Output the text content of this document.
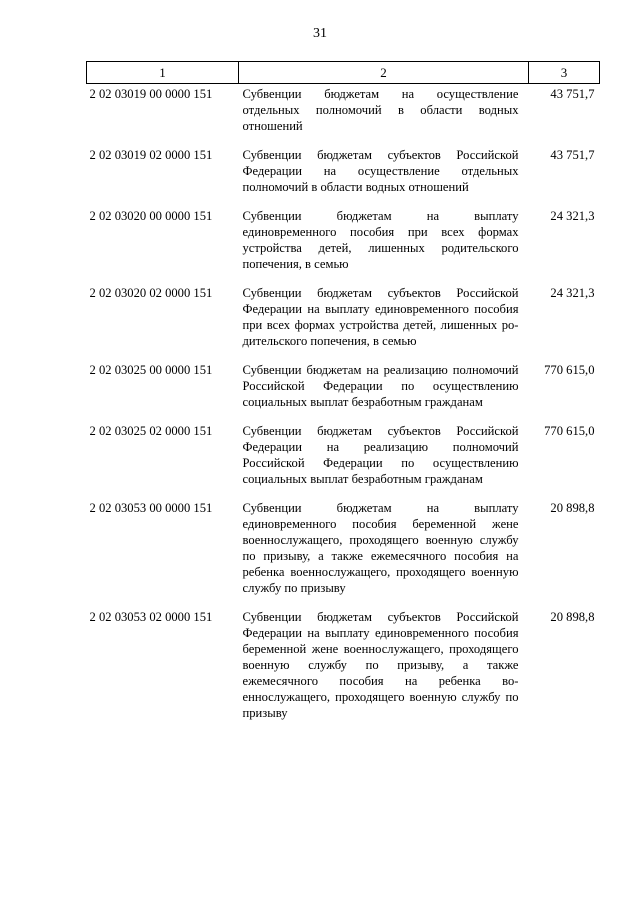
31
1	2	3
2 02 03019 00 0000 151	Субвенции бюджетам на осуществление отдельных полномочий в области водных отношений	43 751,7
2 02 03019 02 0000 151	Субвенции бюджетам субъектов Российской Федерации на осуществление отдельных полномочий в области водных отношений	43 751,7
2 02 03020 00 0000 151	Субвенции бюджетам на выплату единовременного пособия при всех формах устройства детей, лишенных родительского попечения, в семью	24 321,3
2 02 03020 02 0000 151	Субвенции бюджетам субъектов Российской Федерации на выплату единовременного пособия при всех формах устройства детей, лишенных родительского попечения, в семью	24 321,3
2 02 03025 00 0000 151	Субвенции бюджетам на реализацию полномочий Российской Федерации по осуществлению социальных выплат безработным гражданам	770 615,0
2 02 03025 02 0000 151	Субвенции бюджетам субъектов Российской Федерации на реализацию полномочий Российской Федерации по осуществлению социальных выплат безработным гражданам	770 615,0
2 02 03053 00 0000 151	Субвенции бюджетам на выплату единовременного пособия беременной жене военнослужащего, проходящего военную службу по призыву, а также ежемесячного пособия на ребенка военнослужащего, проходящего военную службу по призыву	20 898,8
2 02 03053 02 0000 151	Субвенции бюджетам субъектов Российской Федерации на выплату единовременного пособия беременной жене военнослужащего, проходящего военную службу по призыву, а также ежемесячного пособия на ребенка военнослужащего, проходящего военную службу по призыву	20 898,8
